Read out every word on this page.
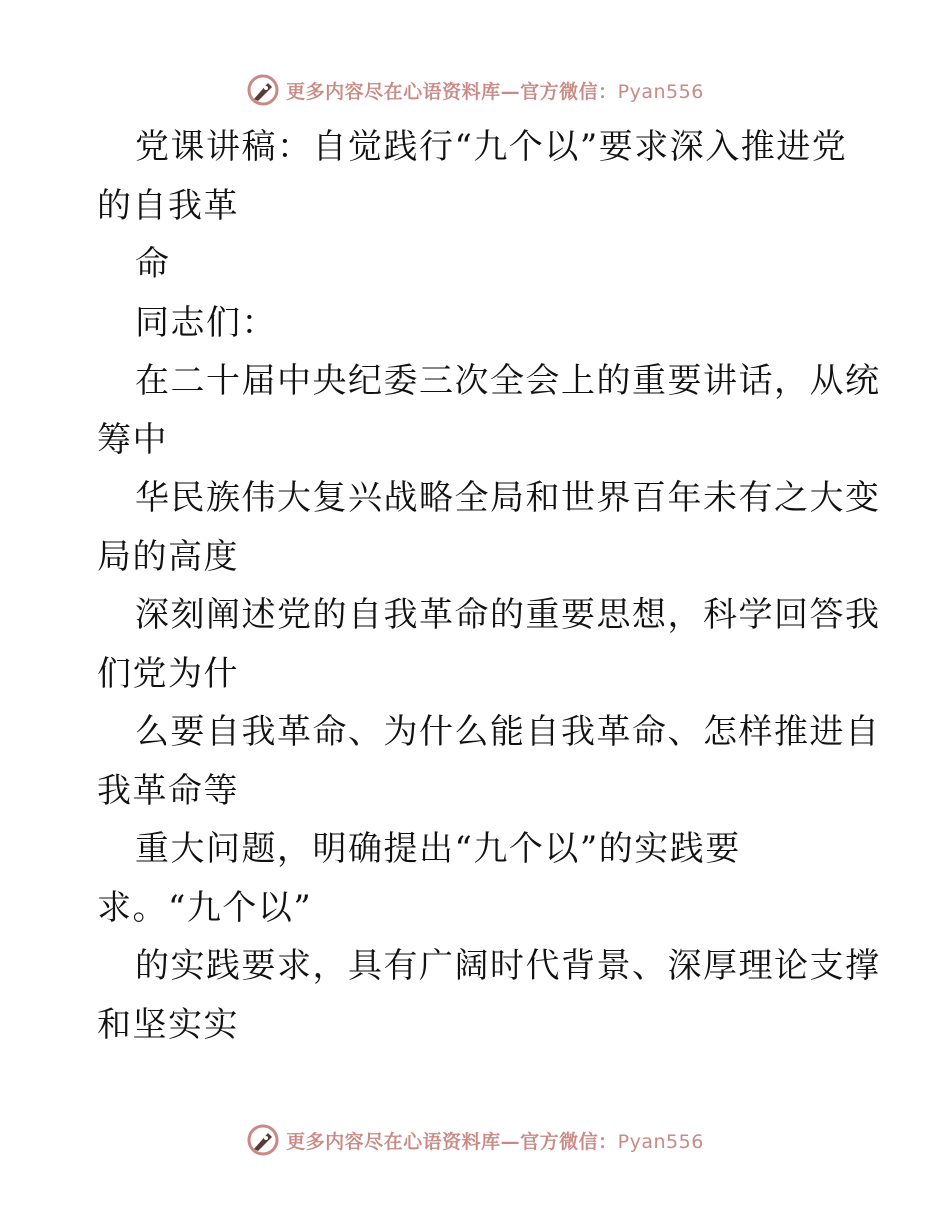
更多内容尽在心语资料库—官方微信：Pyan556
党课讲稿：自觉践行“九个以”要求深入推进党
的自我革
命
同志们：
在二十届中央纪委三次全会上的重要讲话，从统
筹中
华民族伟大复兴战略全局和世界百年未有之大变
局的高度
深刻阐述党的自我革命的重要思想，科学回答我
们党为什
么要自我革命、为什么能自我革命、怎样推进自
我革命等
重大问题，明确提出“九个以”的实践要
求。“九个以”
的实践要求，具有广阔时代背景、深厚理论支撑
和坚实实
更多内容尽在心语资料库—官方微信：Pyan556
